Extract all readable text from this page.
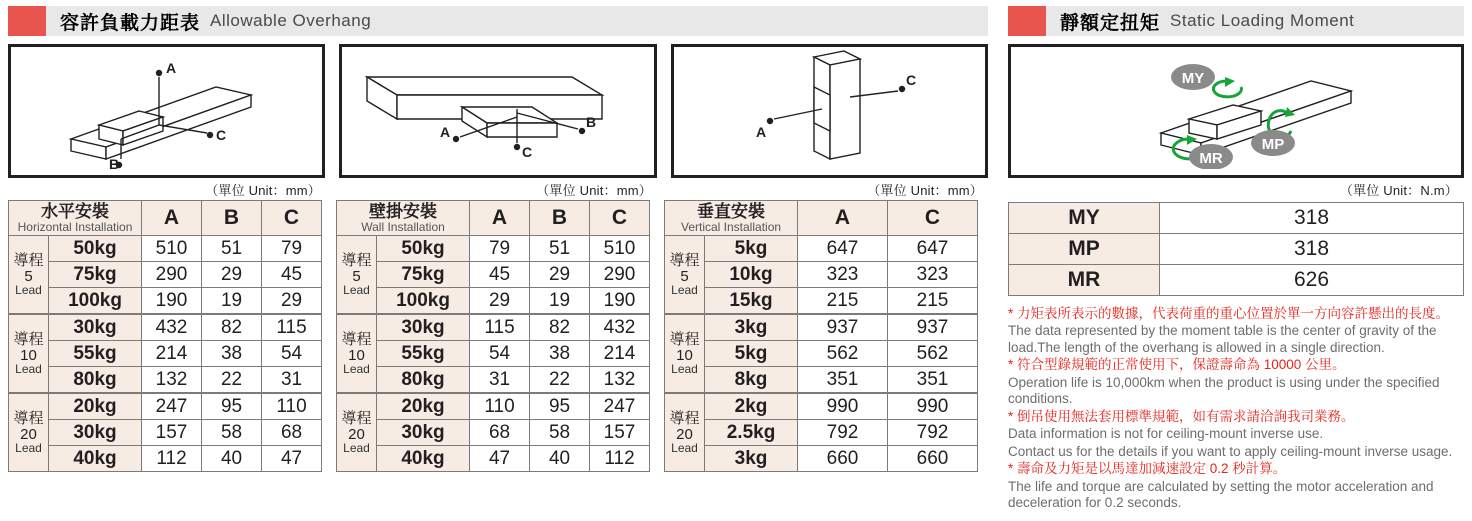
容許負載力距表 Allowable Overhang
A
C
B
A
B
C
A
C
（單位 Unit：mm）	（單位 Unit：mm）	（單位 Unit：mm）
水平安裝
Horizontal Installation		A	B	C

導程
5
Lead	50kg	510	51	79
	75kg	290	29	45
	100kg	190	19	29

導程
10
Lead	30kg	432	82	115
	55kg	214	38	54
	80kg	132	22	31

導程
20
Lead	20kg	247	95	110
	30kg	157	58	68
	40kg	112	40	47
壁掛安裝
Wall Installation		A	B	C

導程
5
Lead	50kg	79	51	510
	75kg	45	29	290
	100kg	29	19	190

導程
10
Lead	30kg	115	82	432
	55kg	54	38	214
	80kg	31	22	132

導程
20
Lead	20kg	110	95	247
	30kg	68	58	157
	40kg	47	40	112
垂直安裝
Vertical Installation		A	C

導程
5
Lead	5kg	647	647
	10kg	323	323
	15kg	215	215

導程
10
Lead	3kg	937	937
	5kg	562	562
	8kg	351	351

導程
20
Lead	2kg	990	990
	2.5kg	792	792
	3kg	660	660
靜額定扭矩 Static Loading Moment
MY
MP
MR
（單位 Unit：N.m）
MY	318
MP	318
MR	626

* 力矩表所表示的數據，代表荷重的重心位置於單一方向容許懸出的長度。

The data represented by the moment table is the center of gravity of the load.The length of the overhang is allowed in a single direction.

* 符合型錄規範的正常使用下，保證壽命為 10000 公里。

Operation life is 10,000km when the product is using under the specified conditions.

* 倒吊使用無法套用標準規範，如有需求請洽詢我司業務。

Data information is not for ceiling-mount inverse use.

Contact us for the details if you want to apply ceiling-mount inverse usage.

* 壽命及力矩是以馬達加減速設定 0.2 秒計算。

The life and torque are calculated by setting the motor acceleration and deceleration for 0.2 seconds.
